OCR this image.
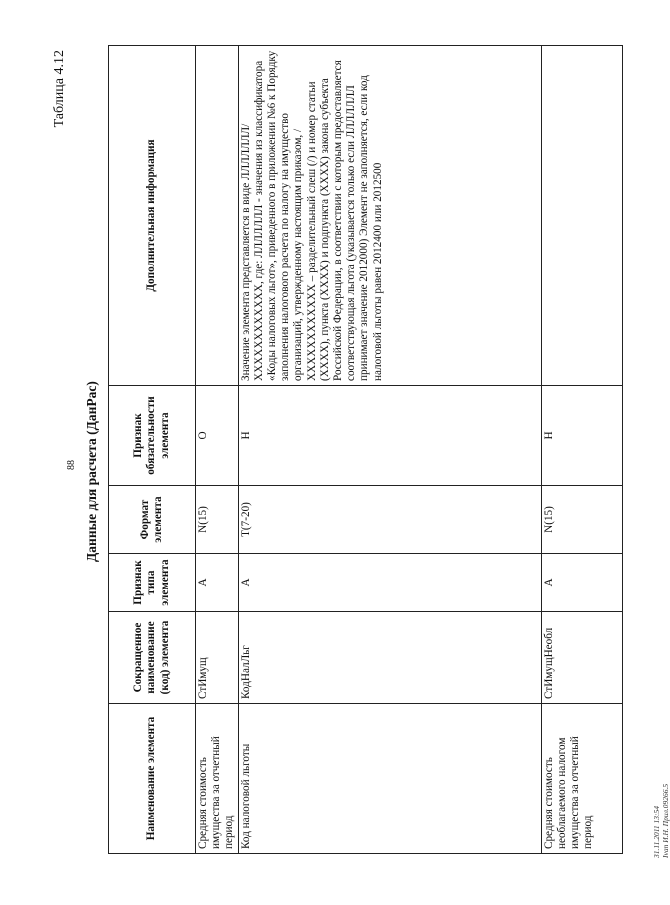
Таблица 4.12
88 Данные для расчета (ДанРас)
Наименование элемента	Сокращенное наименование (код) элемента	Признак типа элемента	Формат элемента	Признак обязательности элемента	Дополнительная информация
Средняя стоимость имущества за отчетный период	СтИмущ	А	N(15)	О	
Код налоговой льготы	КодНалЛьг	А	T(7-20)	Н	Значение элемента представляется в виде ЛЛЛЛЛЛЛ/ХХХХХХХХХХХХ, где: ЛЛЛЛЛЛЛ - значения из классификатора «Коды налоговых льгот», приведенного в приложении №6 к Порядку заполнения налогового расчета по налогу на имущество организаций, утвержденному настоящим приказом, /ХХХХХХХХХХХХ – разделительный слеш (/) и номер статьи (ХХХХ), пункта (ХХХХ) и подпункта (ХХХХ) закона субъекта Российской Федерации, в соответствии с которым предоставляется соответствующая льгота (указывается только если ЛЛЛЛЛЛЛ принимает значение 2012000) Элемент не заполняется, если код налоговой льготы равен 2012400 или 2012500
Средняя стоимость необлагаемого налогом имущества за отчетный период	СтИмущНеобл	А	N(15)	Н	
31.11.2011 13:54 Ivan И.Н. Прил.09266.5
